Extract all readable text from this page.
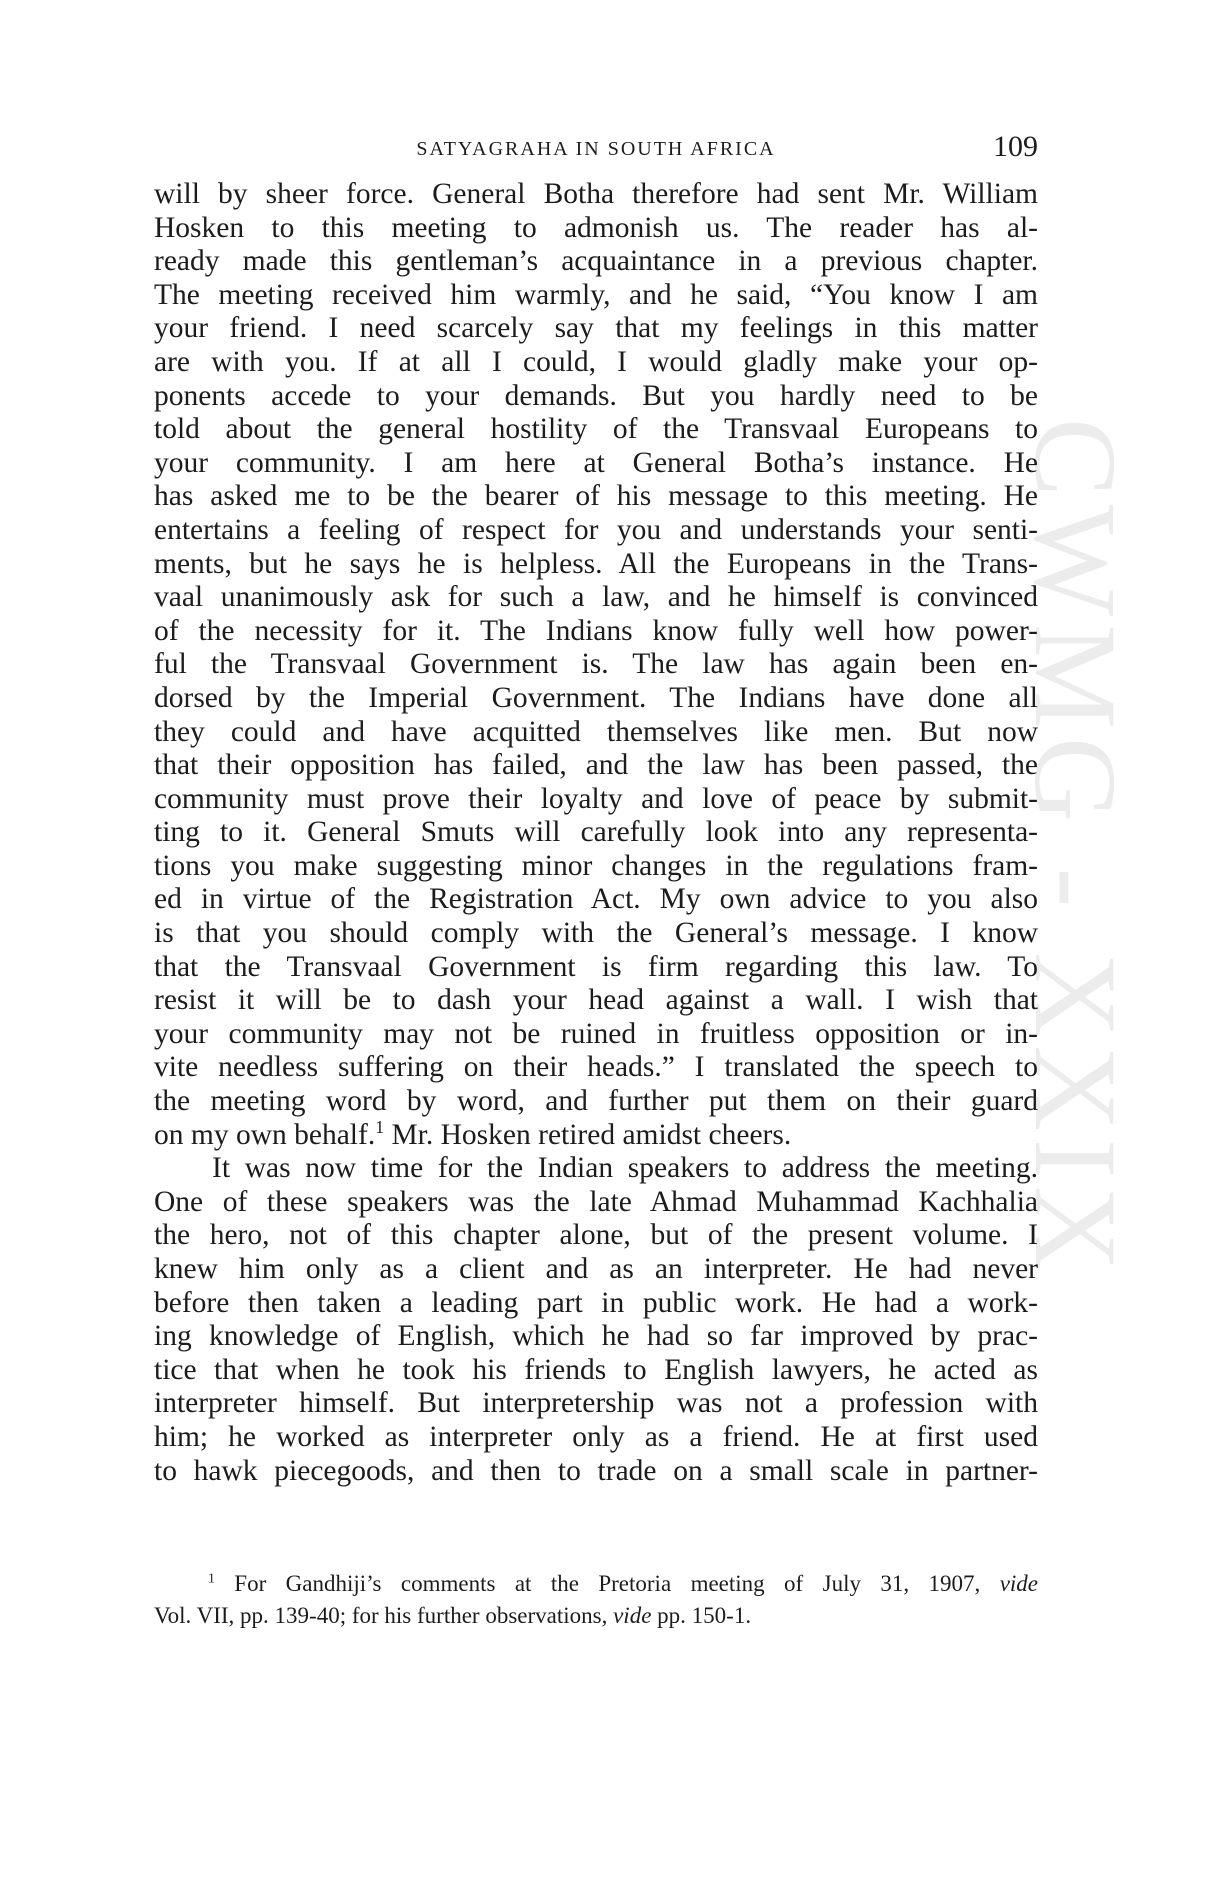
CWMG - XXIX
SATYAGRAHA IN SOUTH AFRICA	109
will by sheer force. General Botha therefore had sent Mr. William
Hosken to this meeting to admonish us. The reader has al-
ready made this gentleman’s acquaintance in a previous chapter.
The meeting received him warmly, and he said, “You know I am
your friend. I need scarcely say that my feelings in this matter
are with you. If at all I could, I would gladly make your op-
ponents accede to your demands. But you hardly need to be
told about the general hostility of the Transvaal Europeans to
your community. I am here at General Botha’s instance. He
has asked me to be the bearer of his message to this meeting. He
entertains a feeling of respect for you and understands your senti-
ments, but he says he is helpless. All the Europeans in the Trans-
vaal unanimously ask for such a law, and he himself is convinced
of the necessity for it. The Indians know fully well how power-
ful the Transvaal Government is. The law has again been en-
dorsed by the Imperial Government. The Indians have done all
they could and have acquitted themselves like men. But now
that their opposition has failed, and the law has been passed, the
community must prove their loyalty and love of peace by submit-
ting to it. General Smuts will carefully look into any representa-
tions you make suggesting minor changes in the regulations fram-
ed in virtue of the Registration Act. My own advice to you also
is that you should comply with the General’s message. I know
that the Transvaal Government is firm regarding this law. To
resist it will be to dash your head against a wall. I wish that
your community may not be ruined in fruitless opposition or in-
vite needless suffering on their heads.” I translated the speech to
the meeting word by word, and further put them on their guard
on my own behalf.$^1$ Mr. Hosken retired amidst cheers.
It was now time for the Indian speakers to address the meeting.
One of these speakers was the late Ahmad Muhammad Kachhalia
the hero, not of this chapter alone, but of the present volume. I
knew him only as a client and as an interpreter. He had never
before then taken a leading part in public work. He had a work-
ing knowledge of English, which he had so far improved by prac-
tice that when he took his friends to English lawyers, he acted as
interpreter himself. But interpretership was not a profession with
him; he worked as interpreter only as a friend. He at first used
to hawk piecegoods, and then to trade on a small scale in partner-
$^1$ For Gandhiji’s comments at the Pretoria meeting of July 31, 1907, vide
Vol. VII, pp. 139-40; for his further observations, vide pp. 150-1.
